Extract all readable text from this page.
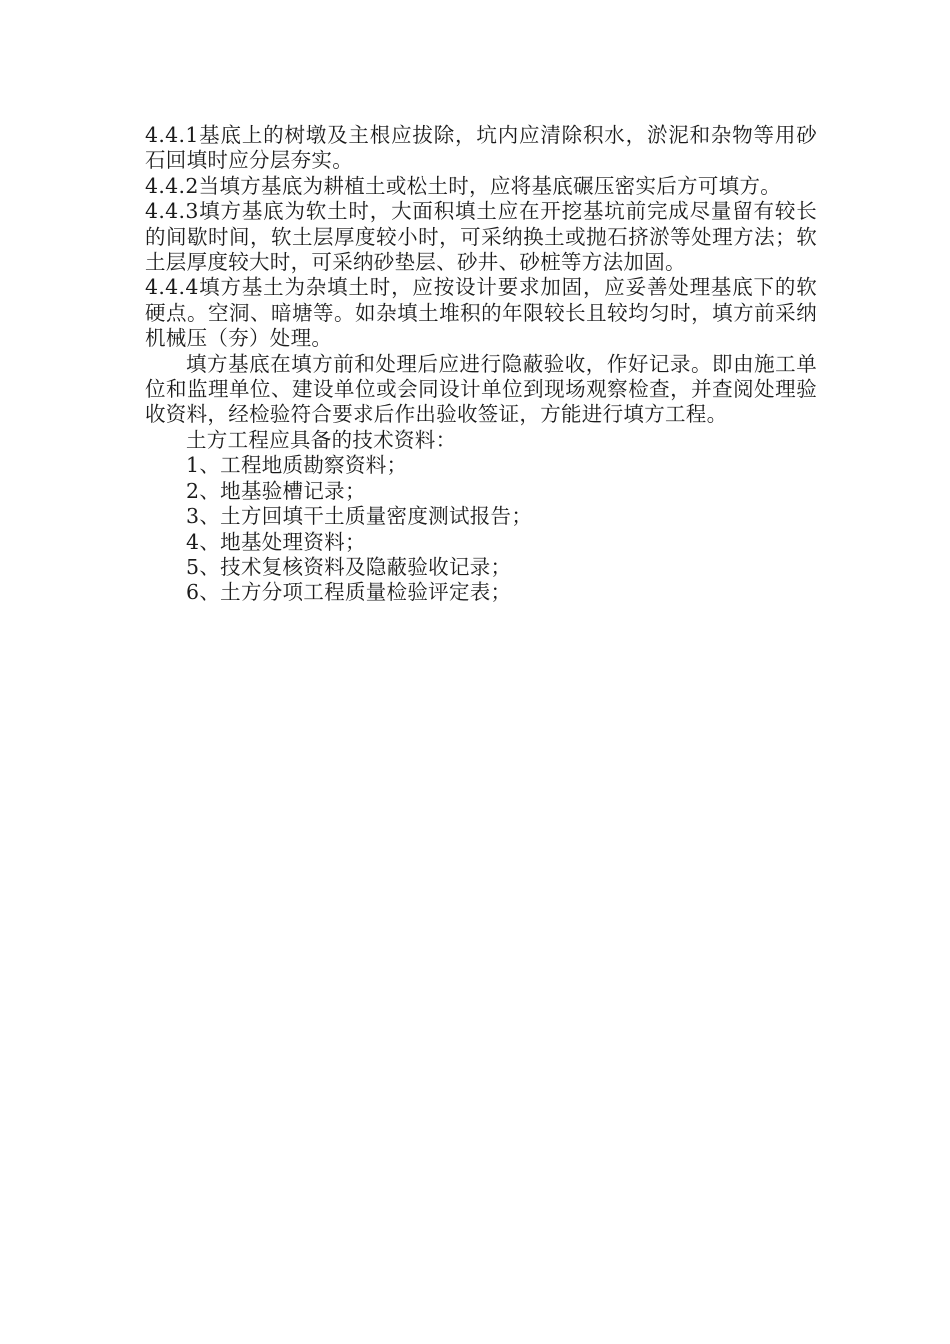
4.4.1基底上的树墩及主根应拔除，坑内应清除积水，淤泥和杂物等用砂石回填时应分层夯实。

4.4.2当填方基底为耕植土或松土时，应将基底碾压密实后方可填方。

4.4.3填方基底为软土时，大面积填土应在开挖基坑前完成尽量留有较长的间歇时间，软土层厚度较小时，可采纳换土或抛石挤淤等处理方法；软土层厚度较大时，可采纳砂垫层、砂井、砂桩等方法加固。

4.4.4填方基土为杂填土时，应按设计要求加固，应妥善处理基底下的软硬点。空洞、暗塘等。如杂填土堆积的年限较长且较均匀时，填方前采纳机械压（夯）处理。

填方基底在填方前和处理后应进行隐蔽验收，作好记录。即由施工单位和监理单位、建设单位或会同设计单位到现场观察检查，并查阅处理验收资料，经检验符合要求后作出验收签证，方能进行填方工程。

土方工程应具备的技术资料：

1、工程地质勘察资料；

2、地基验槽记录；

3、土方回填干土质量密度测试报告；

4、地基处理资料；

5、技术复核资料及隐蔽验收记录；

6、土方分项工程质量检验评定表；
